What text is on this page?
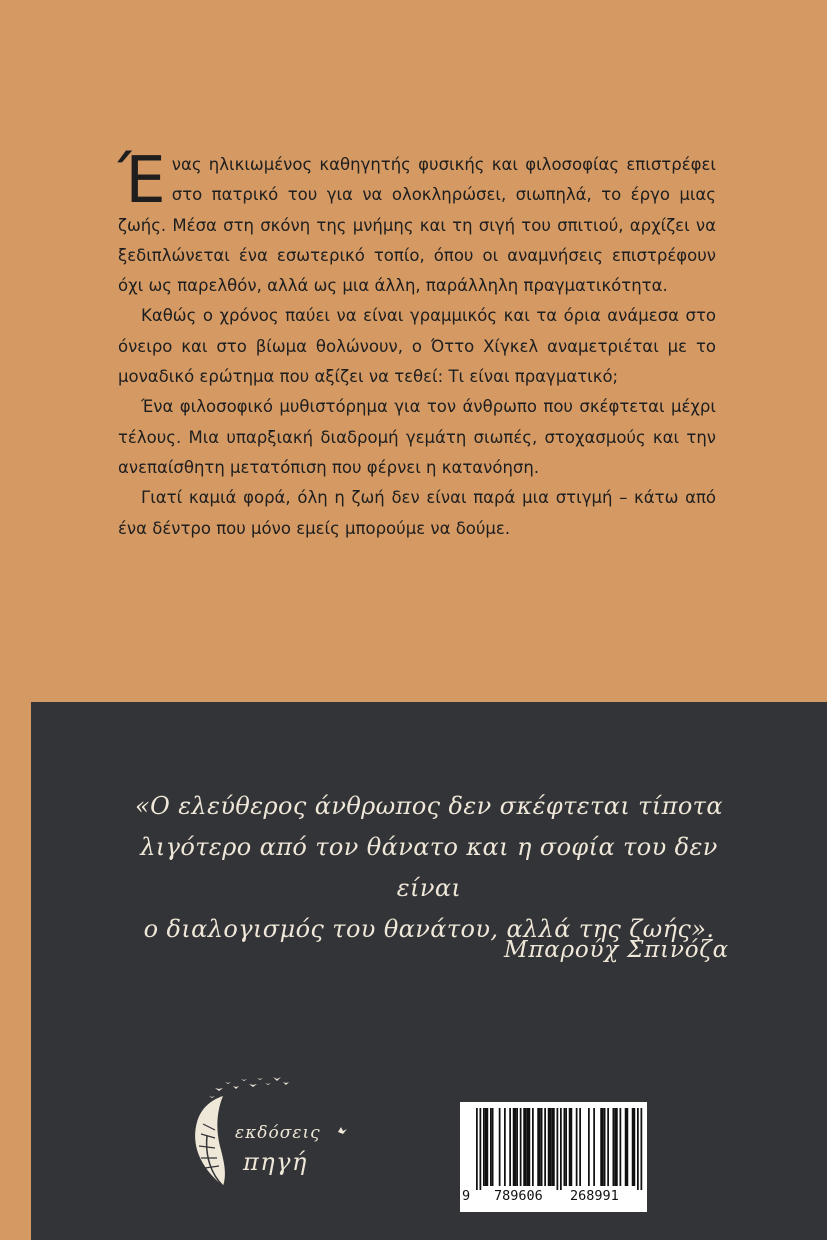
Ένας ηλικιωμένος καθηγητής φυσικής και φιλοσοφίας επιστρέφει στο πατρικό του για να ολοκληρώσει, σιωπηλά, το έργο μιας ζωής. Μέσα στη σκόνη της μνήμης και τη σιγή του σπιτιού, αρχίζει να ξεδιπλώνεται ένα εσωτερικό τοπίο, όπου οι αναμνήσεις επιστρέφουν όχι ως παρελθόν, αλλά ως μια άλλη, παράλληλη πραγματικότητα.

Καθώς ο χρόνος παύει να είναι γραμμικός και τα όρια ανάμεσα στο όνειρο και στο βίωμα θολώνουν, ο Όττο Χίγκελ αναμετριέται με το μοναδικό ερώτημα που αξίζει να τεθεί: Τι είναι πραγματικό;

Ένα φιλοσοφικό μυθιστόρημα για τον άνθρωπο που σκέφτεται μέχρι τέλους. Μια υπαρξιακή διαδρομή γεμάτη σιωπές, στοχασμούς και την ανεπαίσθητη μετατόπιση που φέρνει η κατανόηση.

Γιατί καμιά φορά, όλη η ζωή δεν είναι παρά μια στιγμή – κάτω από ένα δέντρο που μόνο εμείς μπορούμε να δούμε.

«Ο ελεύθερος άνθρωπος δεν σκέφτεται τίποτα
λιγότερο από τον θάνατο και η σοφία του δεν είναι
ο διαλογισμός του θανάτου, αλλά της ζωής».
Μπαρούχ Σπινόζα
εκδόσεις
πηγή
9 789606 268991
